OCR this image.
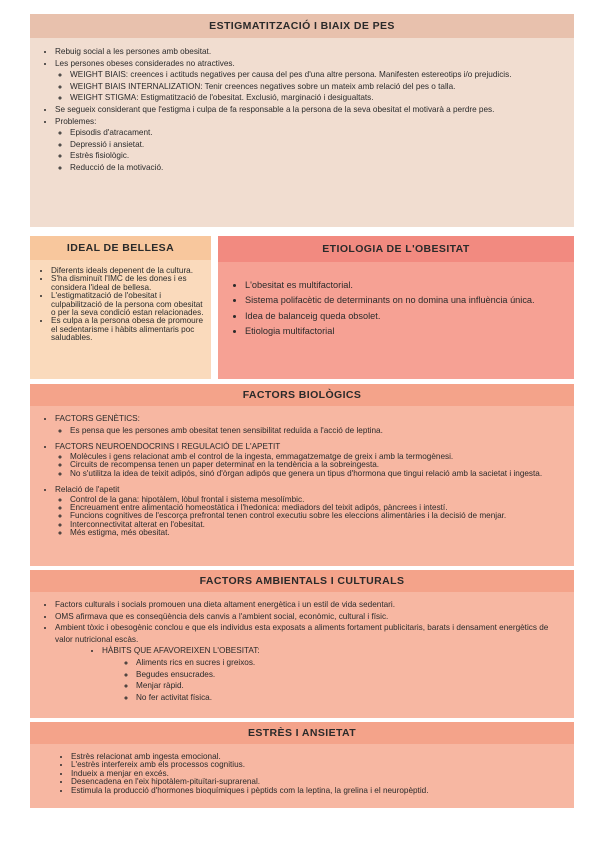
ESTIGMATITZACIÓ I BIAIX DE PES
• Rebuig social a les persones amb obesitat.
• Les persones obeses considerades no atractives.
◦ WEIGHT BIAIS: creences i actituds negatives per causa del pes d'una altre persona. Manifesten estereotips i/o prejudicis.
◦ WEIGHT BIAIS INTERNALIZATION: Tenir creences negatives sobre un mateix amb relació del pes o talla.
◦ WEIGHT STIGMA: Estigmatització de l'obesitat. Exclusió, marginació i desigualtats.
• Se segueix considerant que l'estigma i culpa de fa responsable a la persona de la seva obesitat el motivarà a perdre pes.
• Problemes:
◦ Episodis d'atracament.
◦ Depressió i ansietat.
◦ Estrès fisiològic.
◦ Reducció de la motivació.
IDEAL DE BELLESA
• Diferents ideals depenent de la cultura.
• S'ha disminuït l'IMC de les dones i es considera l'ideal de bellesa.
• L'estigmatització de l'obesitat i culpabilització de la persona com obesitat o per la seva condició estan relacionades.
• Es culpa a la persona obesa de promoure el sedentarisme i hàbits alimentaris poc saludables.
ETIOLOGIA DE L'OBESITAT
• L'obesitat es multifactorial.
• Sistema polifacètic de determinants on no domina una influència única.
• Idea de balanceig queda obsolet.
• Etiologia multifactorial
FACTORS BIOLÒGICS
• FACTORS GENÈTICS:
◦ Es pensa que les persones amb obesitat tenen sensibilitat reduïda a l'acció de leptina.
• FACTORS NEUROENDOCRINS I REGULACIÓ DE L'APETIT
◦ Molècules i gens relacionat amb el control de la ingesta, emmagatzematge de greix i amb la termogènesi.
◦ Circuits de recompensa tenen un paper determinat en la tendència a la sobreingesta.
◦ No s'utilitza la idea de teixit adipós, sinó d'òrgan adipós que genera un tipus d'hormona que tingui relació amb la sacietat i ingesta.
• Relació de l'apetit
◦ Control de la gana: hipotàlem, lòbul frontal i sistema mesolímbic.
◦ Encreuament entre alimentació homeostàtica i l'hedonica: mediadors del teixit adipós, pàncrees i intestí.
◦ Funcions cognitives de l'escorça prefrontal tenen control executiu sobre les eleccions alimentàries i la decisió de menjar.
◦ Interconnectivitat alterat en l'obesitat.
◦ Més estigma, més obesitat.
FACTORS AMBIENTALS I CULTURALS
• Factors culturals i socials promouen una dieta altament energètica i un estil de vida sedentari.
• OMS afirmava que es conseqüència dels canvis a l'ambient social, econòmic, cultural i físic.
• Ambient tòxic i obesogènic conclou e que els individus esta exposats a aliments fortament publicitaris, barats i densament energètics de valor nutricional escàs.
• HÀBITS QUE AFAVOREIXEN L'OBESITAT:
◦ Aliments rics en sucres i greixos.
◦ Begudes ensucrades.
◦ Menjar ràpid.
◦ No fer activitat física.
ESTRÈS I ANSIETAT
• Estrès relacionat amb ingesta emocional.
• L'estrès interfereix amb els processos cognitius.
• Indueix a menjar en excés.
• Desencadena en l'eix hipotàlem-pituïtari-suprarenal.
• Estimula la producció d'hormones bioquímiques i pèptids com la leptina, la grelina i el neuropèptid.
